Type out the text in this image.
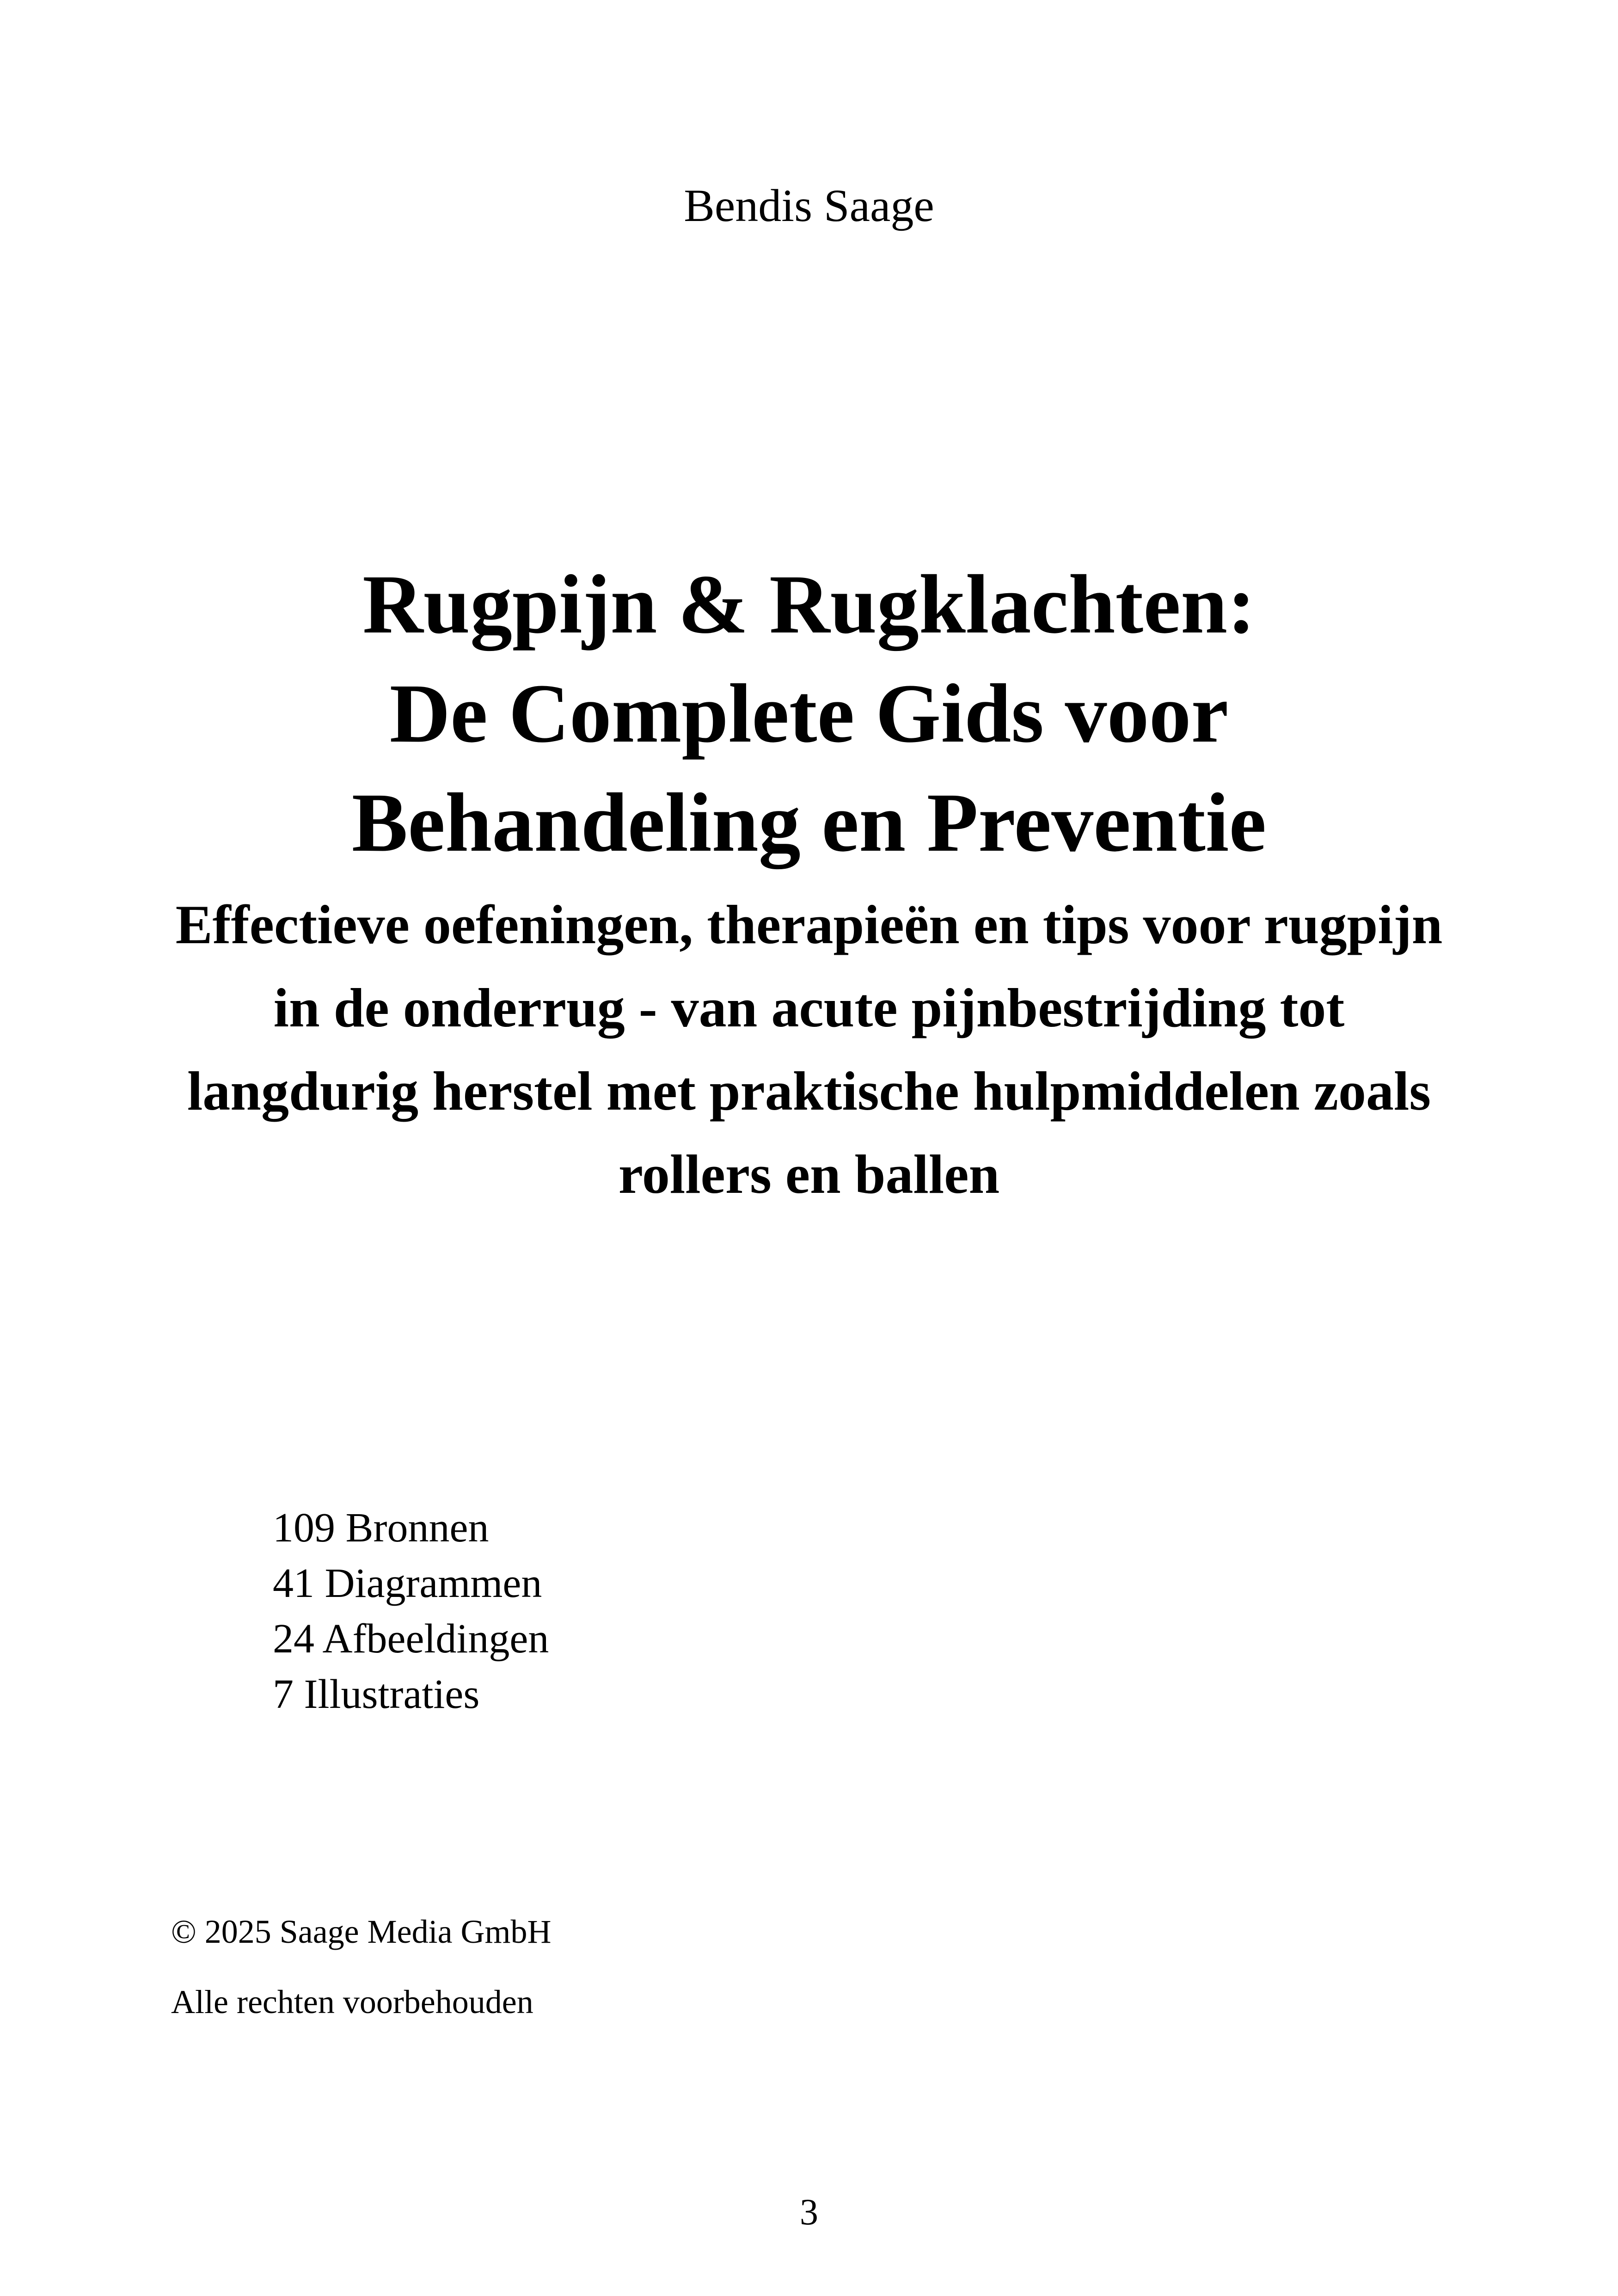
Bendis Saage
Rugpijn & Rugklachten:
De Complete Gids voor
Behandeling en Preventie
Effectieve oefeningen, therapieën en tips voor rugpijn in de onderrug - van acute pijnbestrijding tot langdurig herstel met praktische hulpmiddelen zoals rollers en ballen
109 Bronnen
41 Diagrammen
24 Afbeeldingen
7 Illustraties
© 2025 Saage Media GmbH
Alle rechten voorbehouden
3
